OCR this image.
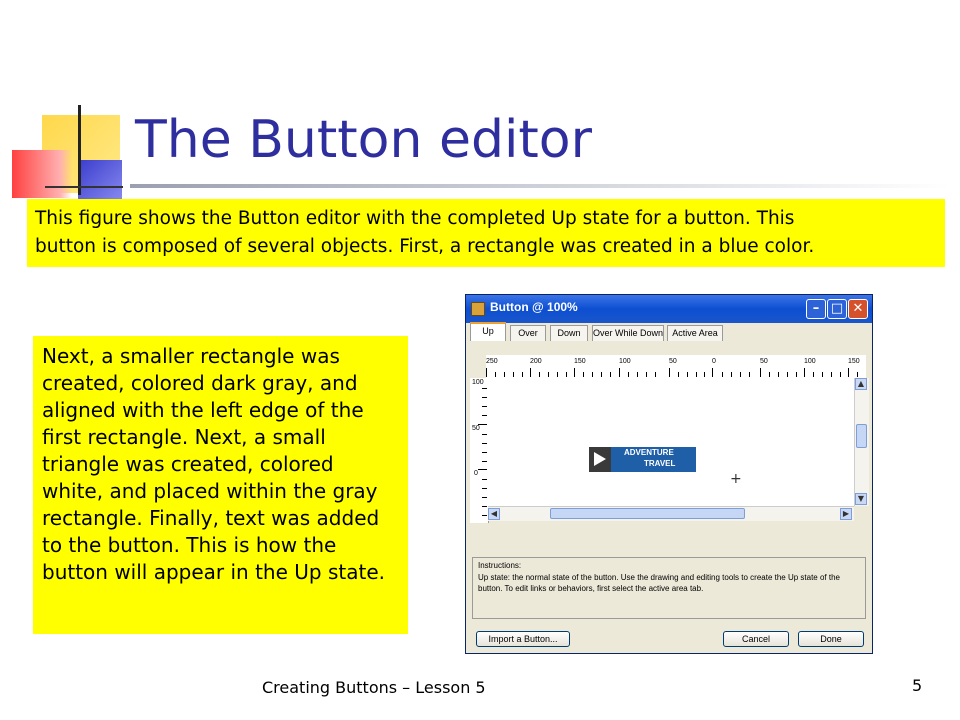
The Button editor

This figure shows the Button editor with the completed Up state for a button. This
button is composed of several objects. First, a rectangle was created in a blue color.

Next, a smaller rectangle was created, colored dark gray, and aligned with the left edge of the first rectangle. Next, a small triangle was created, colored white, and placed within the gray rectangle. Finally, text was added to the button. This is how the button will appear in the Up state.

Button @ 100%	– □ ✕
Up	Over	Down	Over While Down	Active Area
250	200	150	100	50	0	50	100	150
100
50
0
ADVENTURE
TRAVEL
+
▲
▼
◀	▶
Instructions:
Up state: the normal state of the button. Use the drawing and editing tools to create the Up state of the button. To edit links or behaviors, first select the active area tab.
Import a Button...	Cancel	Done
Creating Buttons – Lesson 5	5
